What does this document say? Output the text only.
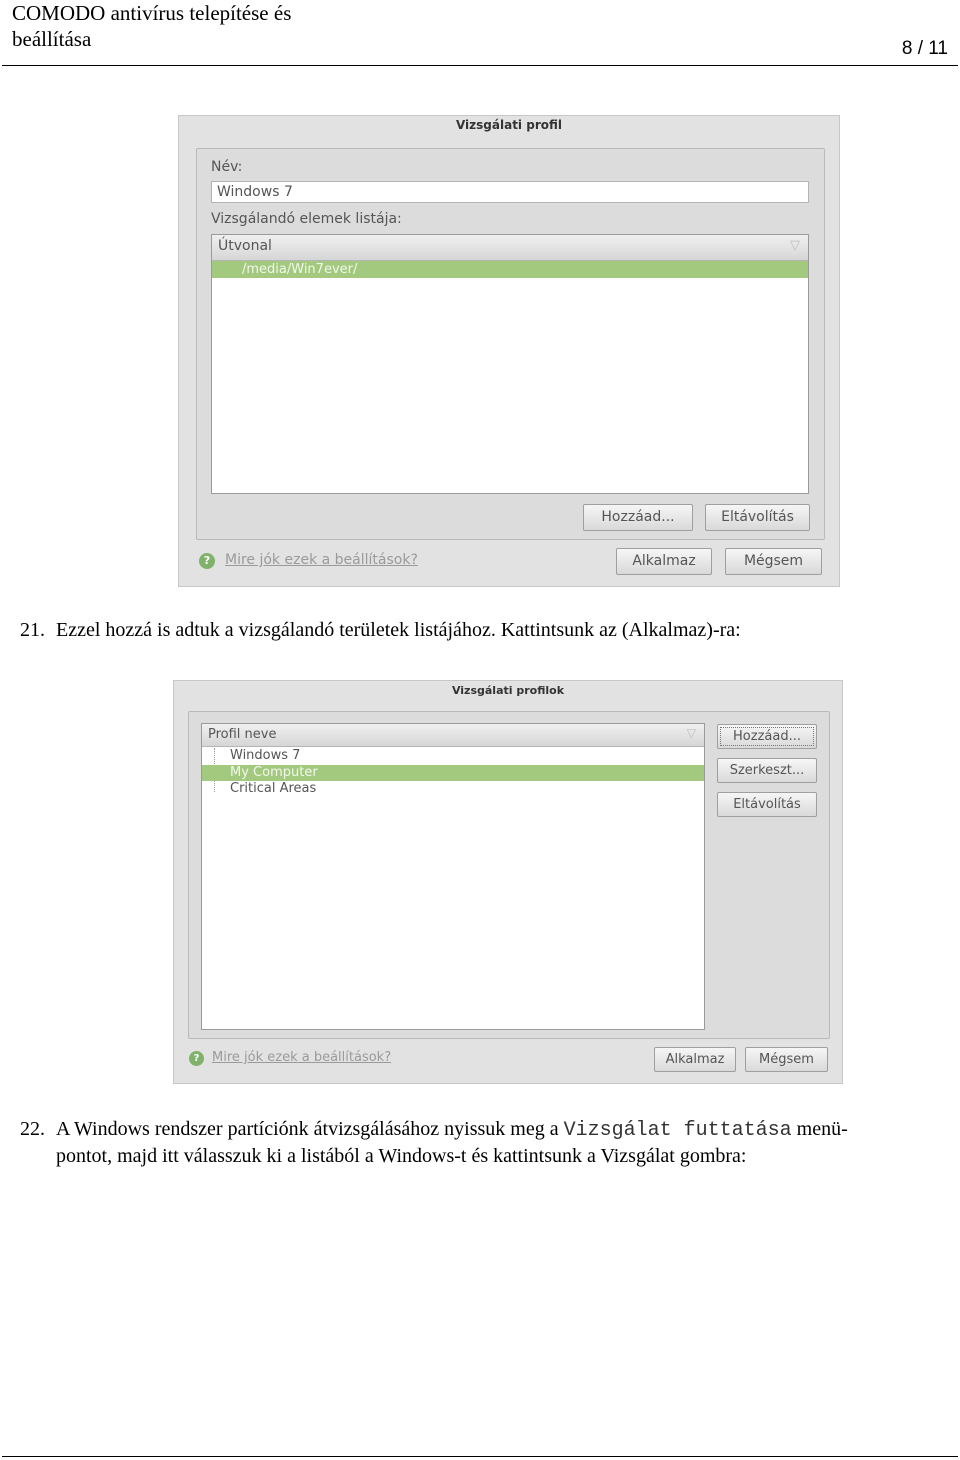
COMODO antivírus telepítése és beállítása	8 / 11
Vizsgálati profil
Név:
Windows 7
Vizsgálandó elemek listája:
Útvonal	▽
/media/Win7ever/
Hozzáad...	Eltávolítás
?	Mire jók ezek a beállítások?	Alkalmaz	Mégsem
21. Ezzel hozzá is adtuk a vizsgálandó területek listájához. Kattintsunk az (Alkalmaz)-ra:
Vizsgálati profilok
Profil neve	▽
Windows 7
My Computer
Critical Areas
Hozzáad...
Szerkeszt...
Eltávolítás
? Mire jók ezek a beállítások?	Alkalmaz	Mégsem
22. A Windows rendszer partíciónk átvizsgálásához nyissuk meg a Vizsgálat futtatása menü-
pontot, majd itt válasszuk ki a listából a Windows-t és kattintsunk a Vizsgálat gombra:
